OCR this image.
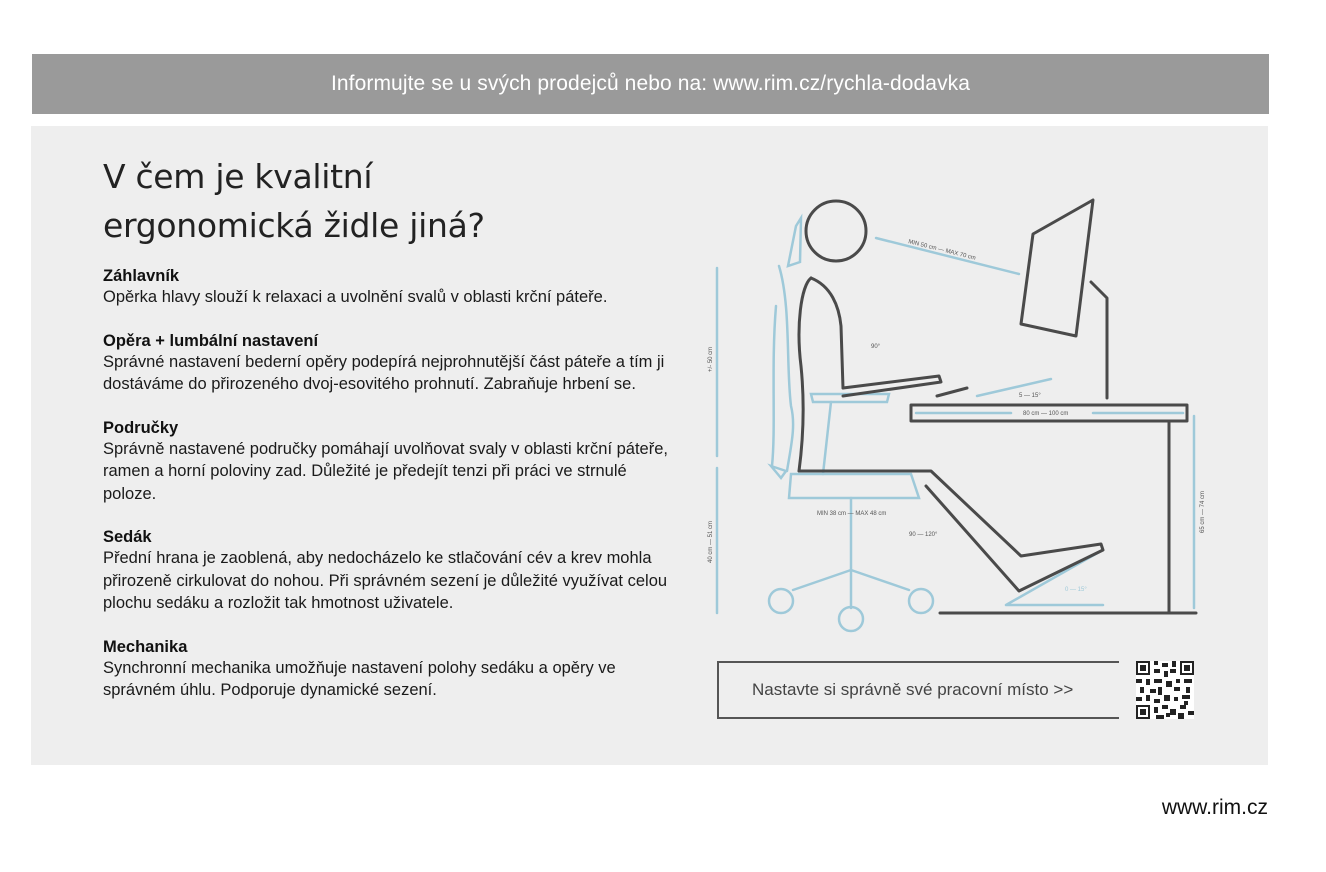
Informujte se u svých prodejců nebo na: www.rim.cz/rychla-dodavka
V čem je kvalitní
ergonomická židle jiná?
Záhlavník

Opěrka hlavy slouží k relaxaci a uvolnění svalů v oblasti krční páteře.

Opěra + lumbální nastavení

Správné nastavení bederní opěry podepírá nejprohnutější část páteře a tím ji dostáváme do přirozeného dvoj-esovitého prohnutí. Zabraňuje hrbení se.

Područky

Správně nastavené područky pomáhají uvolňovat svaly v oblasti krční páteře, ramen a horní poloviny zad. Důležité je předejít tenzi při práci ve strnulé poloze.

Sedák

Přední hrana je zaoblená, aby nedocházelo ke stlačování cév a krev mohla přirozeně cirkulovat do nohou. Při správném sezení je důležité využívat celou plochu sedáku a rozložit tak hmotnost uživatele.

Mechanika

Synchronní mechanika umožňuje nastavení polohy sedáku a opěry ve správném úhlu. Podporuje dynamické sezení.

MIN 50 cm — MAX 70 cm
90°
5 — 15°
80 cm — 100 cm
+/- 50 cm
40 cm — 51 cm
MIN 38 cm — MAX 48 cm
90 — 120°
0 — 15°
65 cm — 74 cm
Nastavte si správně své pracovní místo >>
www.rim.cz
